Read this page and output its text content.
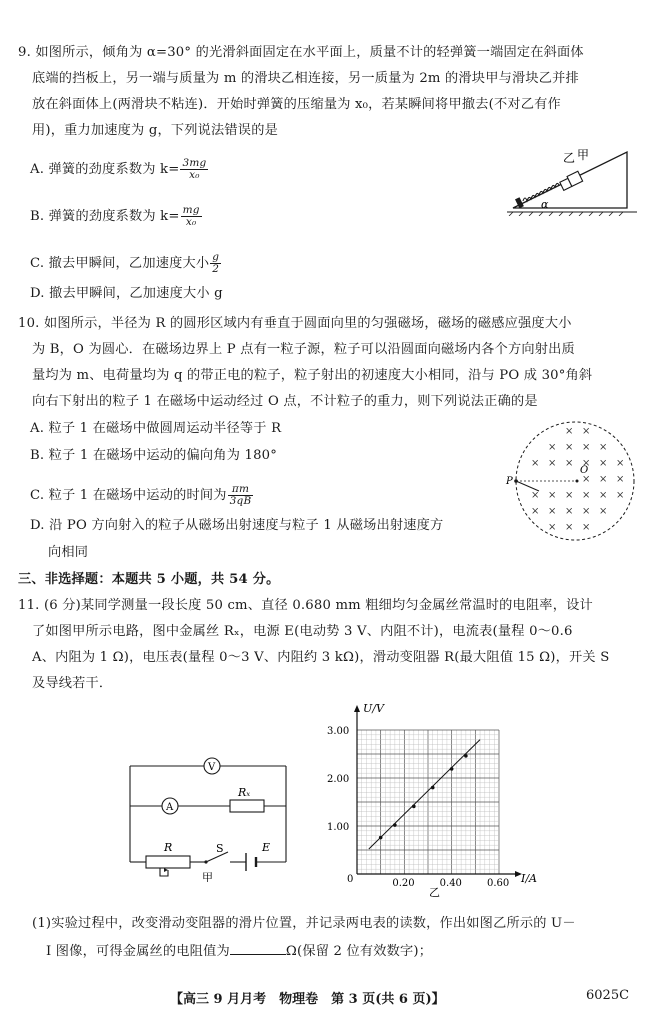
9. 如图所示，倾角为 α=30° 的光滑斜面固定在水平面上，质量不计的轻弹簧一端固定在斜面体
底端的挡板上，另一端与质量为 m 的滑块乙相连接，另一质量为 2m 的滑块甲与滑块乙并排
放在斜面体上(两滑块不粘连)．开始时弹簧的压缩量为 x₀，若某瞬间将甲撤去(不对乙有作
用)，重力加速度为 g，下列说法错误的是
A. 弹簧的劲度系数为 $k= \frac{3mg}{\text{x₀}}$
B. 弹簧的劲度系数为 $k= \frac{mg}{\text{x₀}}$
C. 撤去甲瞬间，乙加速度大小 $\frac{g}{2}$
D. 撤去甲瞬间，乙加速度大小 g
乙 甲
α
10. 如图所示，半径为 R 的圆形区域内有垂直于圆面向里的匀强磁场，磁场的磁感应强度大小
为 B，O 为圆心．在磁场边界上 P 点有一粒子源，粒子可以沿圆面向磁场内各个方向射出质
量均为 m、电荷量均为 q 的带正电的粒子，粒子射出的初速度大小相同，沿与 PO 成 30°角斜
向右下射出的粒子 1 在磁场中运动经过 O 点，不计粒子的重力，则下列说法正确的是
A. 粒子 1 在磁场中做圆周运动半径等于 R
B. 粒子 1 在磁场中运动的偏向角为 180°
C. 粒子 1 在磁场中运动的时间为 $\frac{\pi m}{3qB}$
D. 沿 PO 方向射入的粒子从磁场出射速度与粒子 1 从磁场出射速度方
向相同
P
O
× ×
× × × ×
× × × × × ×
× × ×
× × × × × ×
× × × × ×
× × ×
三、非选择题：本题共 5 小题，共 54 分。
11. (6 分)某同学测量一段长度 50 cm、直径 0.680 mm 粗细均匀金属丝常温时的电阻率，设计
了如图甲所示电路，图中金属丝 Rₓ，电源 E(电动势 3 V、内阻不计)，电流表(量程 0～0.6
A、内阻为 1 Ω)，电压表(量程 0～3 V、内阻约 3 kΩ)，滑动变阻器 R(最大阻值 15 Ω)，开关 S
及导线若干．
V
A
Rₓ
R	S	E
甲	0.20	0.40	0.60
1.00
2.00
3.00
U/V
I/A
0
乙
(1)实验过程中，改变滑动变阻器的滑片位置，并记录两电表的读数，作出如图乙所示的 U－
I 图像，可得金属丝的电阻值为	Ω(保留 2 位有效数字)；
【高三 9 月月考　物理卷　第 3 页(共 6 页)】	6025C
